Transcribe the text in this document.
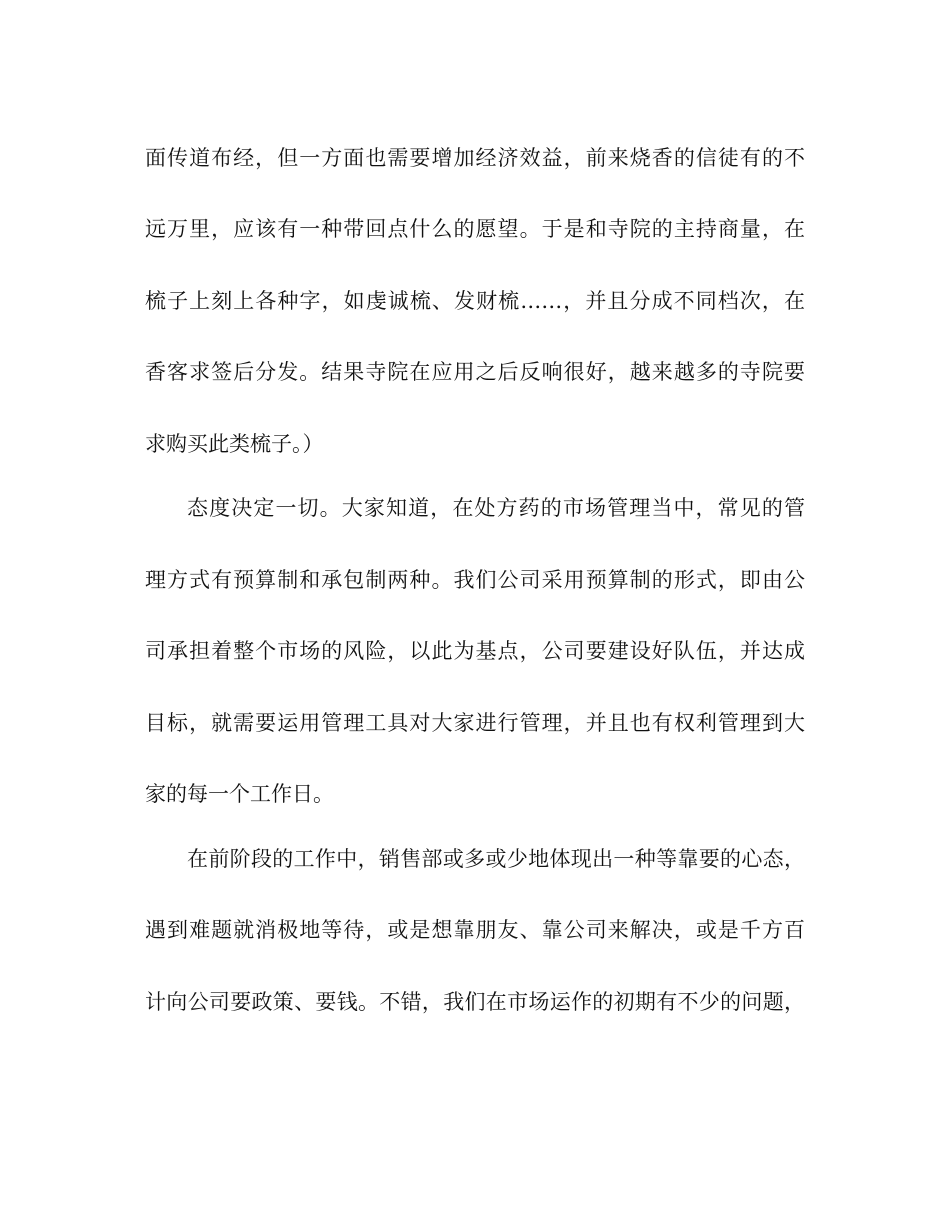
面传道布经，但一方面也需要增加经济效益，前来烧香的信徒有的不
远万里，应该有一种带回点什么的愿望。于是和寺院的主持商量，在
梳子上刻上各种字，如虔诚梳、发财梳……，并且分成不同档次，在
香客求签后分发。结果寺院在应用之后反响很好，越来越多的寺院要
求购买此类梳子。）
态度决定一切。大家知道，在处方药的市场管理当中，常见的管
理方式有预算制和承包制两种。我们公司采用预算制的形式，即由公
司承担着整个市场的风险，以此为基点，公司要建设好队伍，并达成
目标，就需要运用管理工具对大家进行管理，并且也有权利管理到大
家的每一个工作日。
在前阶段的工作中，销售部或多或少地体现出一种等靠要的心态，
遇到难题就消极地等待，或是想靠朋友、靠公司来解决，或是千方百
计向公司要政策、要钱。不错，我们在市场运作的初期有不少的问题，
